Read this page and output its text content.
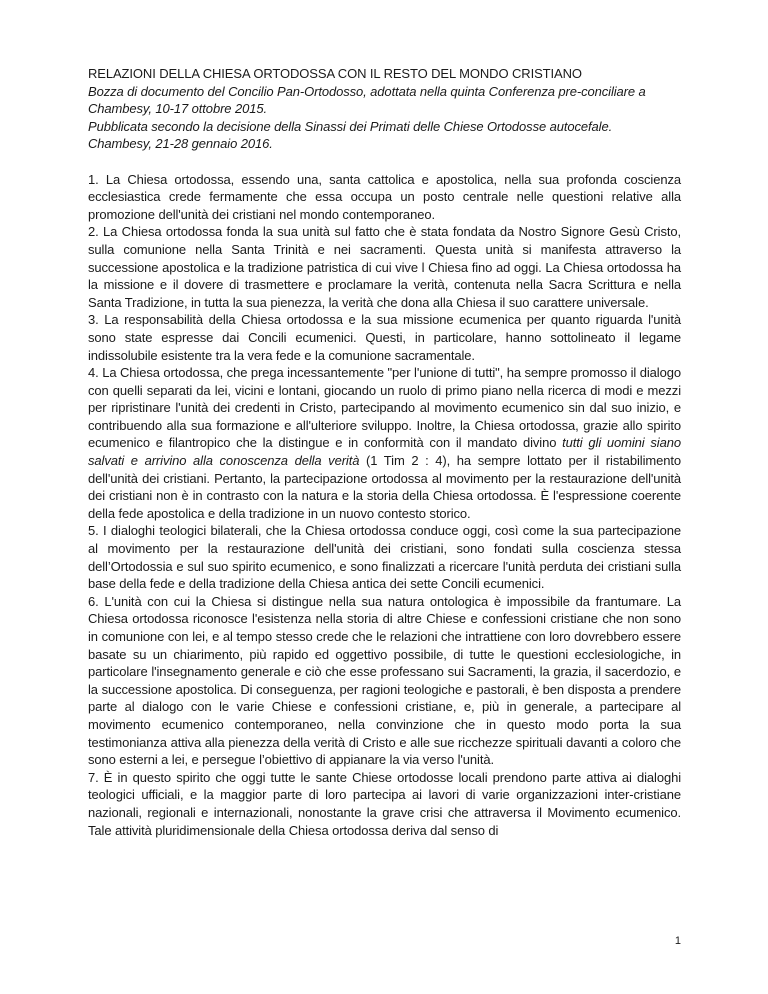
RELAZIONI DELLA CHIESA ORTODOSSA CON IL RESTO DEL MONDO CRISTIANO

Bozza di documento del Concilio Pan-Ortodosso, adottata nella quinta Conferenza pre-conciliare a Chambesy, 10-17 ottobre 2015.

Pubblicata secondo la decisione della Sinassi dei Primati delle Chiese Ortodosse autocefale.

Chambesy, 21-28 gennaio 2016.

1. La Chiesa ortodossa, essendo una, santa cattolica e apostolica, nella sua profonda coscienza ecclesiastica crede fermamente che essa occupa un posto centrale nelle questioni relative alla promozione dell'unità dei cristiani nel mondo contemporaneo.

2. La Chiesa ortodossa fonda la sua unità sul fatto che è stata fondata da Nostro Signore Gesù Cristo, sulla comunione nella Santa Trinità e nei sacramenti. Questa unità si manifesta attraverso la successione apostolica e la tradizione patristica di cui vive l Chiesa fino ad oggi. La Chiesa ortodossa ha la missione e il dovere di trasmettere e proclamare la verità, contenuta nella Sacra Scrittura e nella Santa Tradizione, in tutta la sua pienezza, la verità che dona alla Chiesa il suo carattere universale.

3. La responsabilità della Chiesa ortodossa e la sua missione ecumenica per quanto riguarda l'unità sono state espresse dai Concili ecumenici. Questi, in particolare, hanno sottolineato il legame indissolubile esistente tra la vera fede e la comunione sacramentale.

4. La Chiesa ortodossa, che prega incessantemente "per l'unione di tutti", ha sempre promosso il dialogo con quelli separati da lei, vicini e lontani, giocando un ruolo di primo piano nella ricerca di modi e mezzi per ripristinare l'unità dei credenti in Cristo, partecipando al movimento ecumenico sin dal suo inizio, e contribuendo alla sua formazione e all'ulteriore sviluppo. Inoltre, la Chiesa ortodossa, grazie allo spirito ecumenico e filantropico che la distingue e in conformità con il mandato divino tutti gli uomini siano salvati e arrivino alla conoscenza della verità (1 Tim 2 : 4), ha sempre lottato per il ristabilimento dell'unità dei cristiani. Pertanto, la partecipazione ortodossa al movimento per la restaurazione dell'unità dei cristiani non è in contrasto con la natura e la storia della Chiesa ortodossa. È l'espressione coerente della fede apostolica e della tradizione in un nuovo contesto storico.

5. I dialoghi teologici bilaterali, che la Chiesa ortodossa conduce oggi, così come la sua partecipazione al movimento per la restaurazione dell'unità dei cristiani, sono fondati sulla coscienza stessa dell’Ortodossia e sul suo spirito ecumenico, e sono finalizzati a ricercare l'unità perduta dei cristiani sulla base della fede e della tradizione della Chiesa antica dei sette Concili ecumenici.

6. L'unità con cui la Chiesa si distingue nella sua natura ontologica è impossibile da frantumare. La Chiesa ortodossa riconosce l'esistenza nella storia di altre Chiese e confessioni cristiane che non sono in comunione con lei, e al tempo stesso crede che le relazioni che intrattiene con loro dovrebbero essere basate su un chiarimento, più rapido ed oggettivo possibile, di tutte le questioni ecclesiologiche, in particolare l'insegnamento generale e ciò che esse professano sui Sacramenti, la grazia, il sacerdozio, e la successione apostolica. Di conseguenza, per ragioni teologiche e pastorali, è ben disposta a prendere parte al dialogo con le varie Chiese e confessioni cristiane, e, più in generale, a partecipare al movimento ecumenico contemporaneo, nella convinzione che in questo modo porta la sua testimonianza attiva alla pienezza della verità di Cristo e alle sue ricchezze spirituali davanti a coloro che sono esterni a lei, e persegue l’obiettivo di appianare la via verso l'unità.

7. È in questo spirito che oggi tutte le sante Chiese ortodosse locali prendono parte attiva ai dialoghi teologici ufficiali, e la maggior parte di loro partecipa ai lavori di varie organizzazioni inter-cristiane nazionali, regionali e internazionali, nonostante la grave crisi che attraversa il Movimento ecumenico. Tale attività pluridimensionale della Chiesa ortodossa deriva dal senso di

1
